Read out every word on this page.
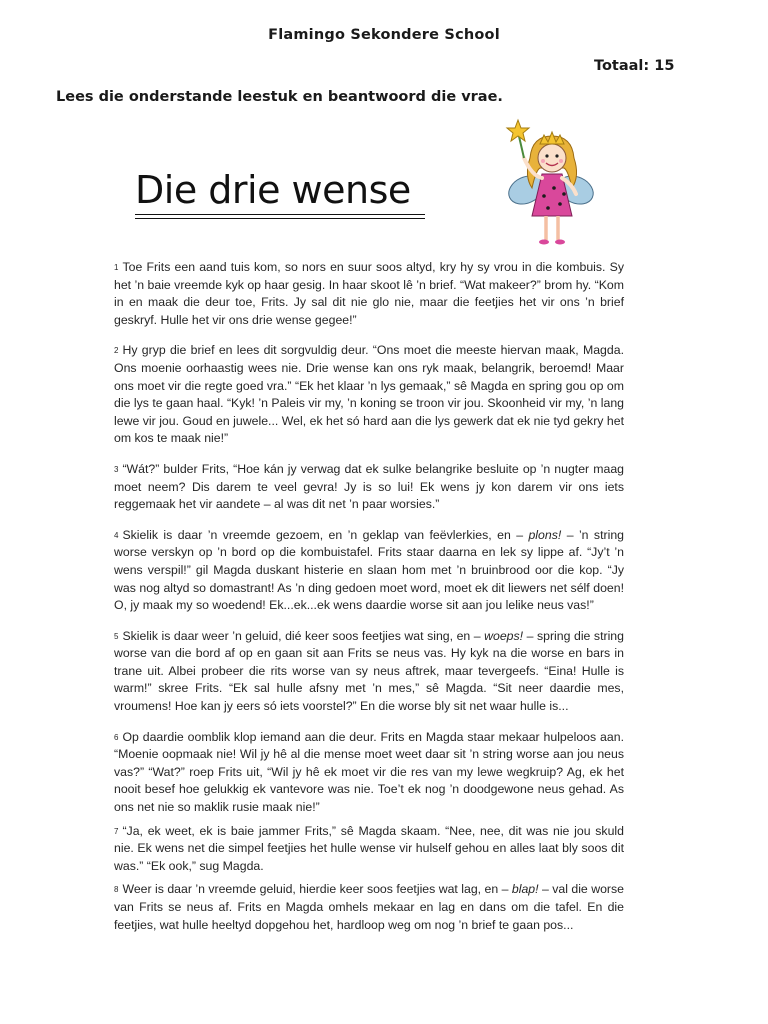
Flamingo Sekondere School
Totaal: 15
Lees die onderstande leestuk en beantwoord die vrae.
Die drie wense

1 Toe Frits een aand tuis kom, so nors en suur soos altyd, kry hy sy vrou in die kombuis. Sy het ’n baie vreemde kyk op haar gesig. In haar skoot lê ’n brief. “Wat makeer?” brom hy. “Kom in en maak die deur toe, Frits. Jy sal dit nie glo nie, maar die feetjies het vir ons ’n brief geskryf. Hulle het vir ons drie wense gegee!”

2 Hy gryp die brief en lees dit sorgvuldig deur. “Ons moet die meeste hiervan maak, Magda. Ons moenie oorhaastig wees nie. Drie wense kan ons ryk maak, belangrik, beroemd! Maar ons moet vir die regte goed vra.” “Ek het klaar ’n lys gemaak,” sê Magda en spring gou op om die lys te gaan haal. “Kyk! ’n Paleis vir my, ’n koning se troon vir jou. Skoonheid vir my, ’n lang lewe vir jou. Goud en juwele... Wel, ek het só hard aan die lys gewerk dat ek nie tyd gekry het om kos te maak nie!”

3 “Wát?” bulder Frits, “Hoe kán jy verwag dat ek sulke belangrike besluite op ’n nugter maag moet neem? Dis darem te veel gevra! Jy is so lui! Ek wens jy kon darem vir ons iets reggemaak het vir aandete – al was dit net ’n paar worsies.”

4 Skielik is daar ’n vreemde gezoem, en ’n geklap van feëvlerkies, en – plons! – ’n string worse verskyn op ’n bord op die kombuistafel. Frits staar daarna en lek sy lippe af. “Jy’t ’n wens verspil!” gil Magda duskant histerie en slaan hom met ’n bruinbrood oor die kop. “Jy was nog altyd so domastrant! As ’n ding gedoen moet word, moet ek dit liewers net sélf doen! O, jy maak my so woedend! Ek...ek...ek wens daardie worse sit aan jou lelike neus vas!”

5 Skielik is daar weer ’n geluid, dié keer soos feetjies wat sing, en – woeps! – spring die string worse van die bord af op en gaan sit aan Frits se neus vas. Hy kyk na die worse en bars in trane uit. Albei probeer die rits worse van sy neus aftrek, maar tevergeefs. “Eina! Hulle is warm!” skree Frits. “Ek sal hulle afsny met ’n mes,” sê Magda. “Sit neer daardie mes, vroumens! Hoe kan jy eers só iets voorstel?” En die worse bly sit net waar hulle is...

6 Op daardie oomblik klop iemand aan die deur. Frits en Magda staar mekaar hulpeloos aan. “Moenie oopmaak nie! Wil jy hê al die mense moet weet daar sit ’n string worse aan jou neus vas?” “Wat?” roep Frits uit, “Wil jy hê ek moet vir die res van my lewe wegkruip? Ag, ek het nooit besef hoe gelukkig ek vantevore was nie. Toe’t ek nog ’n doodgewone neus gehad. As ons net nie so maklik rusie maak nie!”

7 “Ja, ek weet, ek is baie jammer Frits,” sê Magda skaam. “Nee, nee, dit was nie jou skuld nie. Ek wens net die simpel feetjies het hulle wense vir hulself gehou en alles laat bly soos dit was.” “Ek ook,” sug Magda.

8 Weer is daar ’n vreemde geluid, hierdie keer soos feetjies wat lag, en – blap! – val die worse van Frits se neus af. Frits en Magda omhels mekaar en lag en dans om die tafel. En die feetjies, wat hulle heeltyd dopgehou het, hardloop weg om nog ’n brief te gaan pos...
